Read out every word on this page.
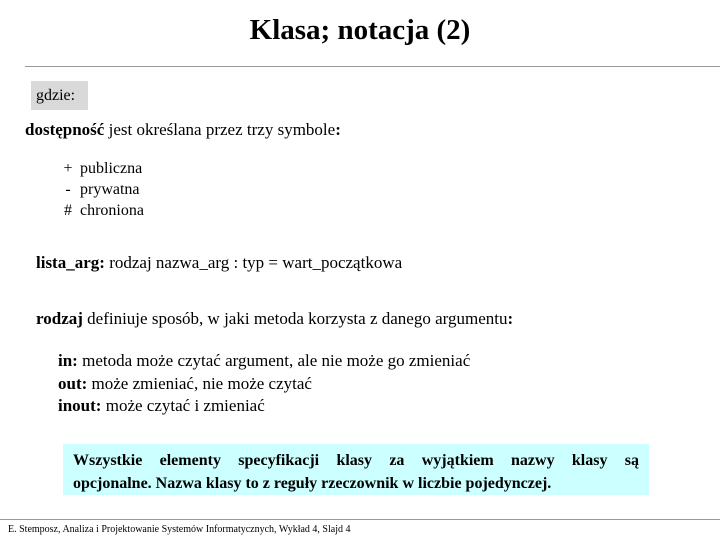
Klasa; notacja (2)
gdzie:
dostępność jest określana przez trzy symbole:
+ publiczna
- prywatna
# chroniona
lista_arg: rodzaj nazwa_arg : typ = wart_początkowa
rodzaj definiuje sposób, w jaki metoda korzysta z danego argumentu:
in: metoda może czytać argument, ale nie może go zmieniać
out: może zmieniać, nie może czytać
inout: może czytać i zmieniać
Wszystkie elementy specyfikacji klasy za wyjątkiem nazwy klasy są
opcjonalne. Nazwa klasy to z reguły rzeczownik w liczbie pojedynczej.
E. Stemposz, Analiza i Projektowanie Systemów Informatycznych, Wykład 4, Slajd 4
